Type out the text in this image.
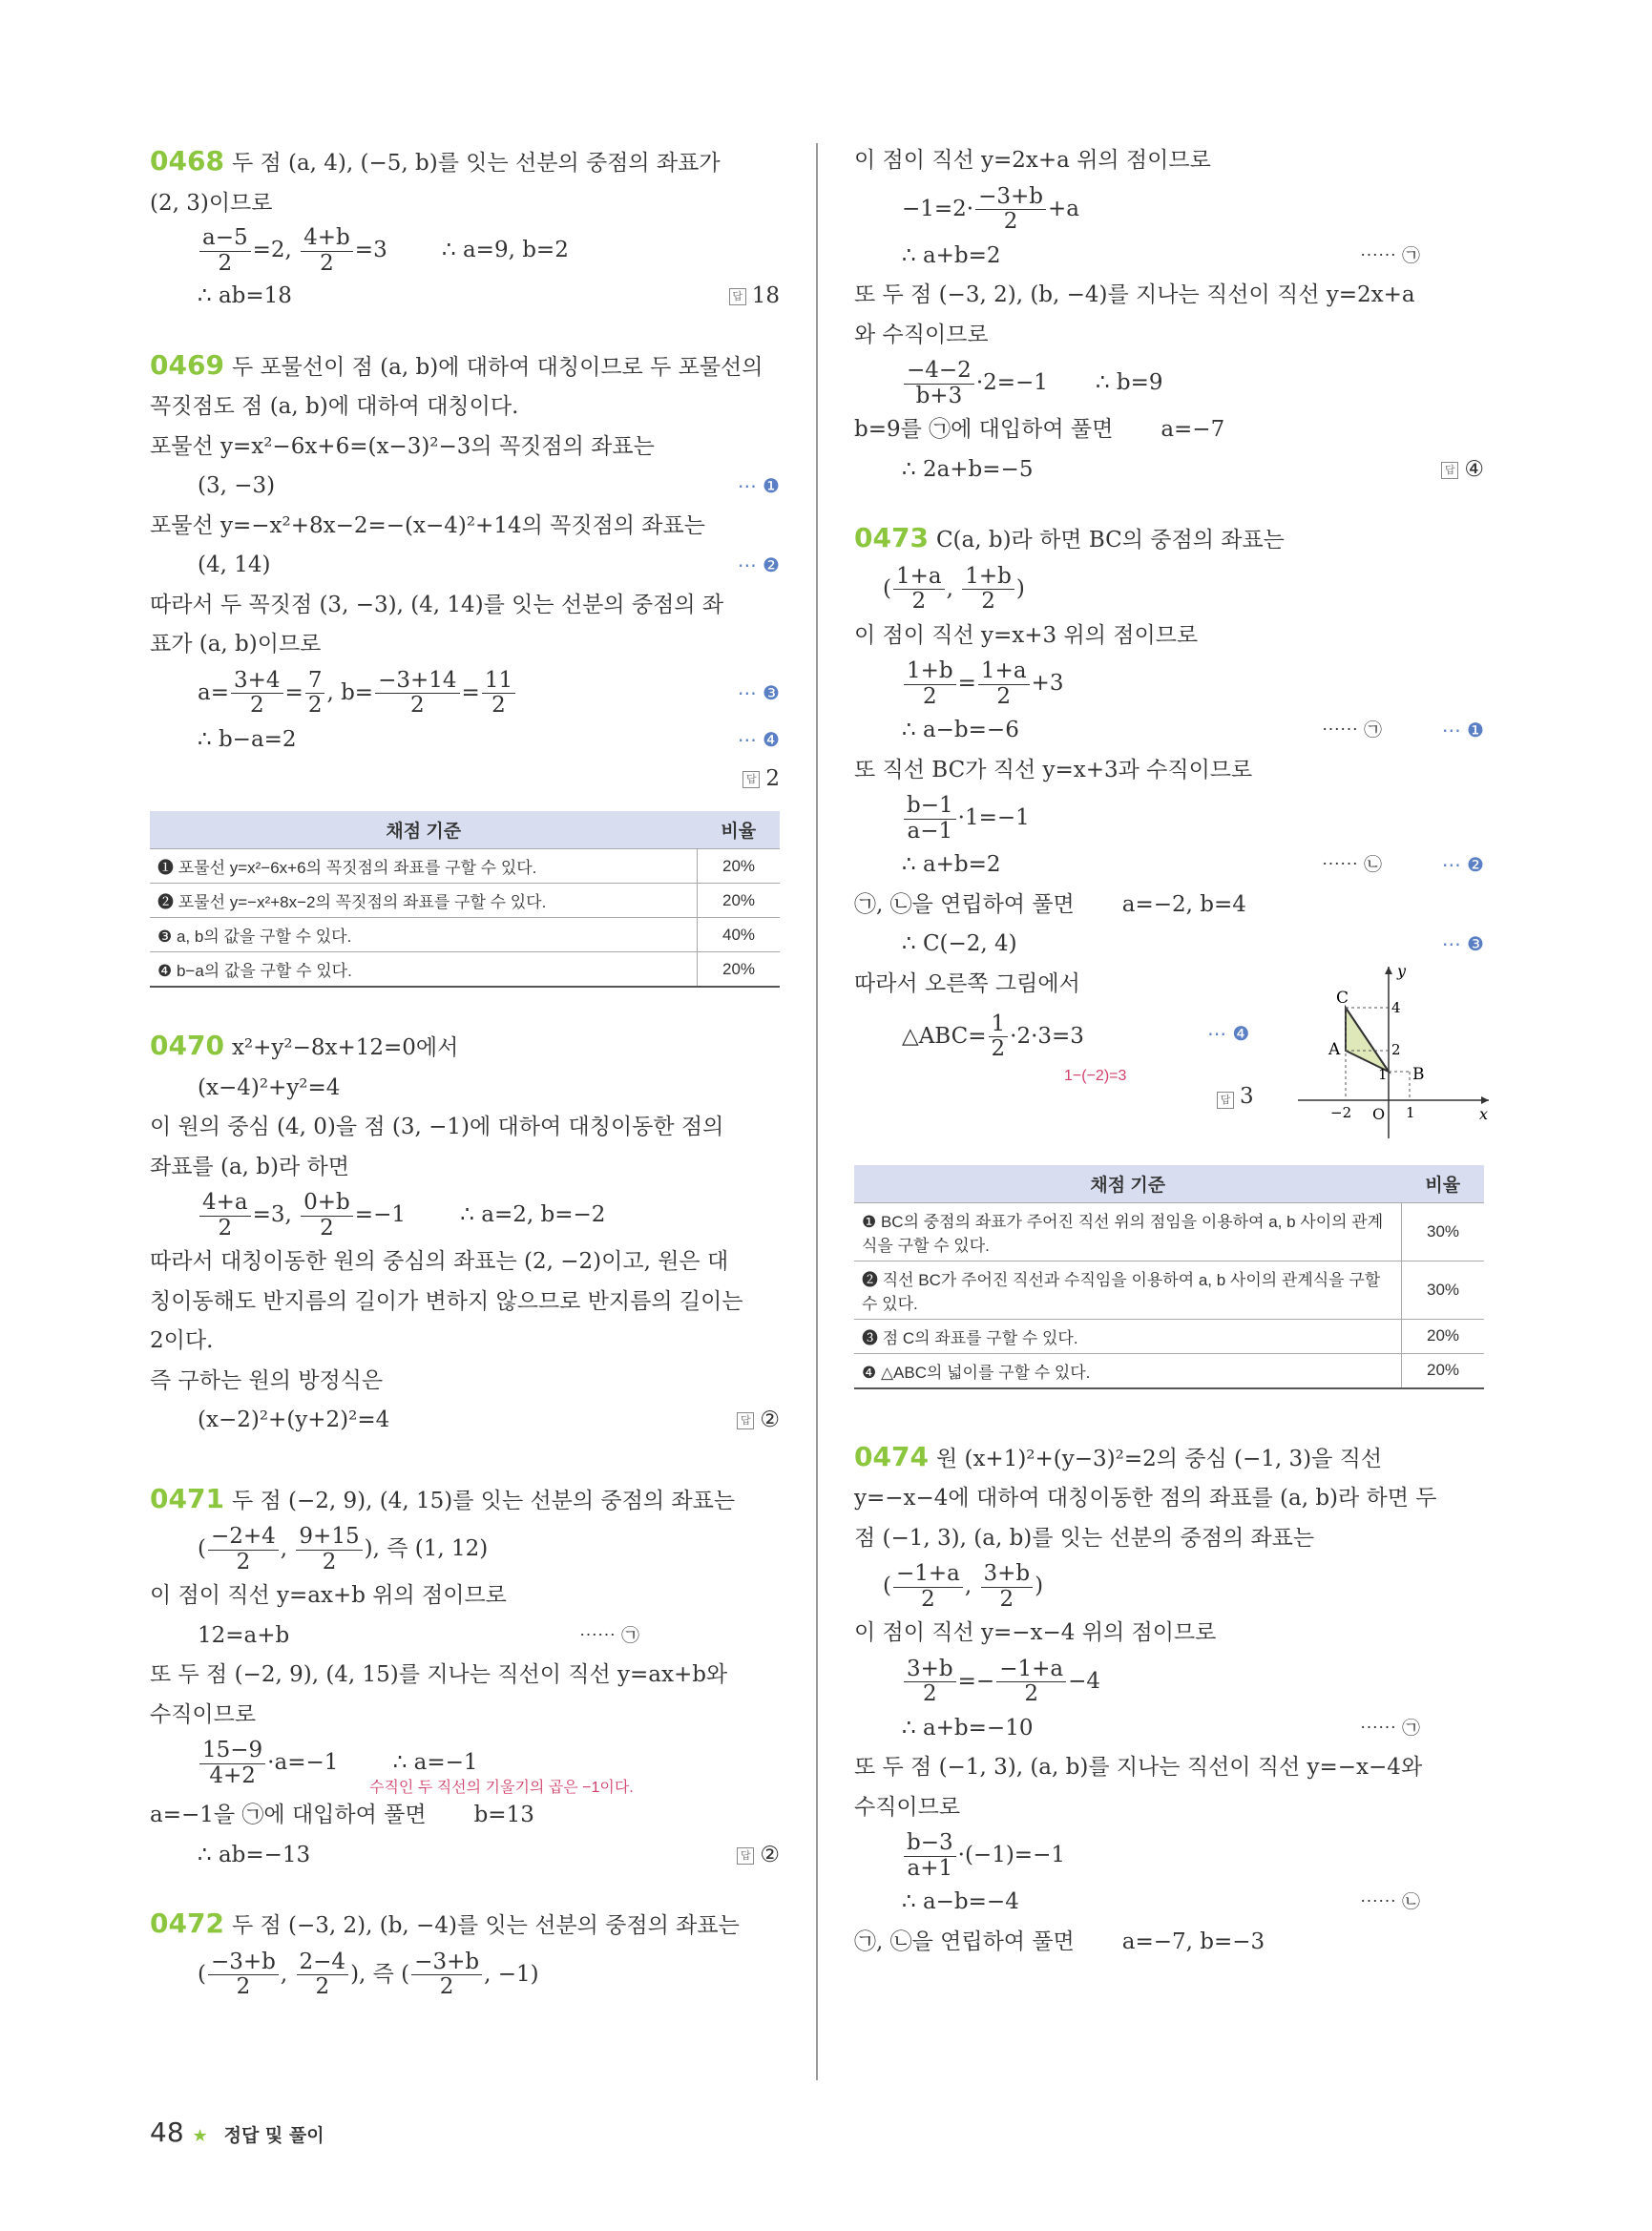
0468 두 점 (a, 4), (−5, b)를 잇는 선분의 중점의 좌표가
(2, 3)이므로
$\frac{a-5}{2} =2$, $\frac{4+b}{2} =3$ ∴ a=9, b=2
∴ ab=18	답 18
0469 두 포물선이 점 (a, b)에 대하여 대칭이므로 두 포물선의
꼭짓점도 점 (a, b)에 대하여 대칭이다.
포물선 y=x²−6x+6=(x−3)²−3의 꼭짓점의 좌표는
(3, −3)	⋯ ❶
포물선 y=−x²+8x−2=−(x−4)²+14의 꼭짓점의 좌표는
(4, 14)	⋯ ❷
따라서 두 꼭짓점 (3, −3), (4, 14)를 잇는 선분의 중점의 좌
표가 (a, b)이므로
$a= \frac{3+4}{2} = \frac{7}{2}$ , $b= \frac{-3+14}{2} = \frac{11}{2}$	⋯ ❸
∴ b−a=2	⋯ ❹
답 2
채점 기준	비율
❶ 포물선 y=x²−6x+6의 꼭짓점의 좌표를 구할 수 있다.	20%
❷ 포물선 y=−x²+8x−2의 꼭짓점의 좌표를 구할 수 있다.	20%
❸ a, b의 값을 구할 수 있다.	40%
❹ b−a의 값을 구할 수 있다.	20%
0470 x²+y²−8x+12=0에서
(x−4)²+y²=4
이 원의 중심 (4, 0)을 점 (3, −1)에 대하여 대칭이동한 점의
좌표를 (a, b)라 하면
$\frac{4+a}{2} =3$, $\frac{0+b}{2} =-1$ ∴ a=2, b=−2
따라서 대칭이동한 원의 중심의 좌표는 (2, −2)이고, 원은 대
칭이동해도 반지름의 길이가 변하지 않으므로 반지름의 길이는
2이다.
즉 구하는 원의 방정식은
(x−2)²+(y+2)²=4	답 ②
0471 두 점 (−2, 9), (4, 15)를 잇는 선분의 중점의 좌표는
( $\frac{-2+4}{2}$ , $\frac{9+15}{2}$ ), 즉 (1, 12)
이 점이 직선 y=ax+b 위의 점이므로
12=a+b	⋯⋯ ㉠
또 두 점 (−2, 9), (4, 15)를 지나는 직선이 직선 y=ax+b와
수직이므로
$\frac{15-9}{4+2} \cdot a=-1$ ∴ a=−1
수직인 두 직선의 기울기의 곱은 −1이다.
a=−1을 ㉠에 대입하여 풀면 b=13
∴ ab=−13	답 ②
0472 두 점 (−3, 2), (b, −4)를 잇는 선분의 중점의 좌표는
( $\frac{-3+b}{2}$ , $\frac{2-4}{2}$ ), 즉 ( $\frac{-3+b}{2}$ , −1)
이 점이 직선 y=2x+a 위의 점이므로
$-1=2\cdot \frac{-3+b}{2} +a$
∴ a+b=2	⋯⋯ ㉠
또 두 점 (−3, 2), (b, −4)를 지나는 직선이 직선 y=2x+a
와 수직이므로
$\frac{-4-2}{b+3} \cdot 2=-1$ ∴ b=9
b=9를 ㉠에 대입하여 풀면 a=−7
∴ 2a+b=−5	답 ④
0473 C(a, b)라 하면 BC의 중점의 좌표는
( $\frac{1+a}{2}$ , $\frac{1+b}{2}$ )
이 점이 직선 y=x+3 위의 점이므로
$\frac{1+b}{2} = \frac{1+a}{2} +3$
∴ a−b=−6	⋯⋯ ㉠	⋯ ❶
또 직선 BC가 직선 y=x+3과 수직이므로
$\frac{b-1}{a-1} \cdot 1=-1$
∴ a+b=2	⋯⋯ ㉡	⋯ ❷
㉠, ㉡을 연립하여 풀면 a=−2, b=4
∴ C(−2, 4)	⋯ ❸
따라서 오른쪽 그림에서
△ABC= $\frac{1}{2} \cdot 2\cdot 3=3$
1−(−2)=3
⋯ ❹
답 3
y
x
O
C
A
B
4
2
1
−2	1
채점 기준	비율
❶ BC의 중점의 좌표가 주어진 직선 위의 점임을 이용하여 a, b 사이의 관계식을 구할 수 있다.	30%
❷ 직선 BC가 주어진 직선과 수직임을 이용하여 a, b 사이의 관계식을 구할 수 있다.	30%
❸ 점 C의 좌표를 구할 수 있다.	20%
❹ △ABC의 넓이를 구할 수 있다.	20%
0474 원 (x+1)²+(y−3)²=2의 중심 (−1, 3)을 직선
y=−x−4에 대하여 대칭이동한 점의 좌표를 (a, b)라 하면 두
점 (−1, 3), (a, b)를 잇는 선분의 중점의 좌표는
( $\frac{-1+a}{2}$ , $\frac{3+b}{2}$ )
이 점이 직선 y=−x−4 위의 점이므로
$\frac{3+b}{2} =- \frac{-1+a}{2} -4$
∴ a+b=−10	⋯⋯ ㉠
또 두 점 (−1, 3), (a, b)를 지나는 직선이 직선 y=−x−4와
수직이므로
$\frac{b-3}{a+1} \cdot(-1)=-1$
∴ a−b=−4	⋯⋯ ㉡
㉠, ㉡을 연립하여 풀면 a=−7, b=−3
48 ★ 정답 및 풀이
